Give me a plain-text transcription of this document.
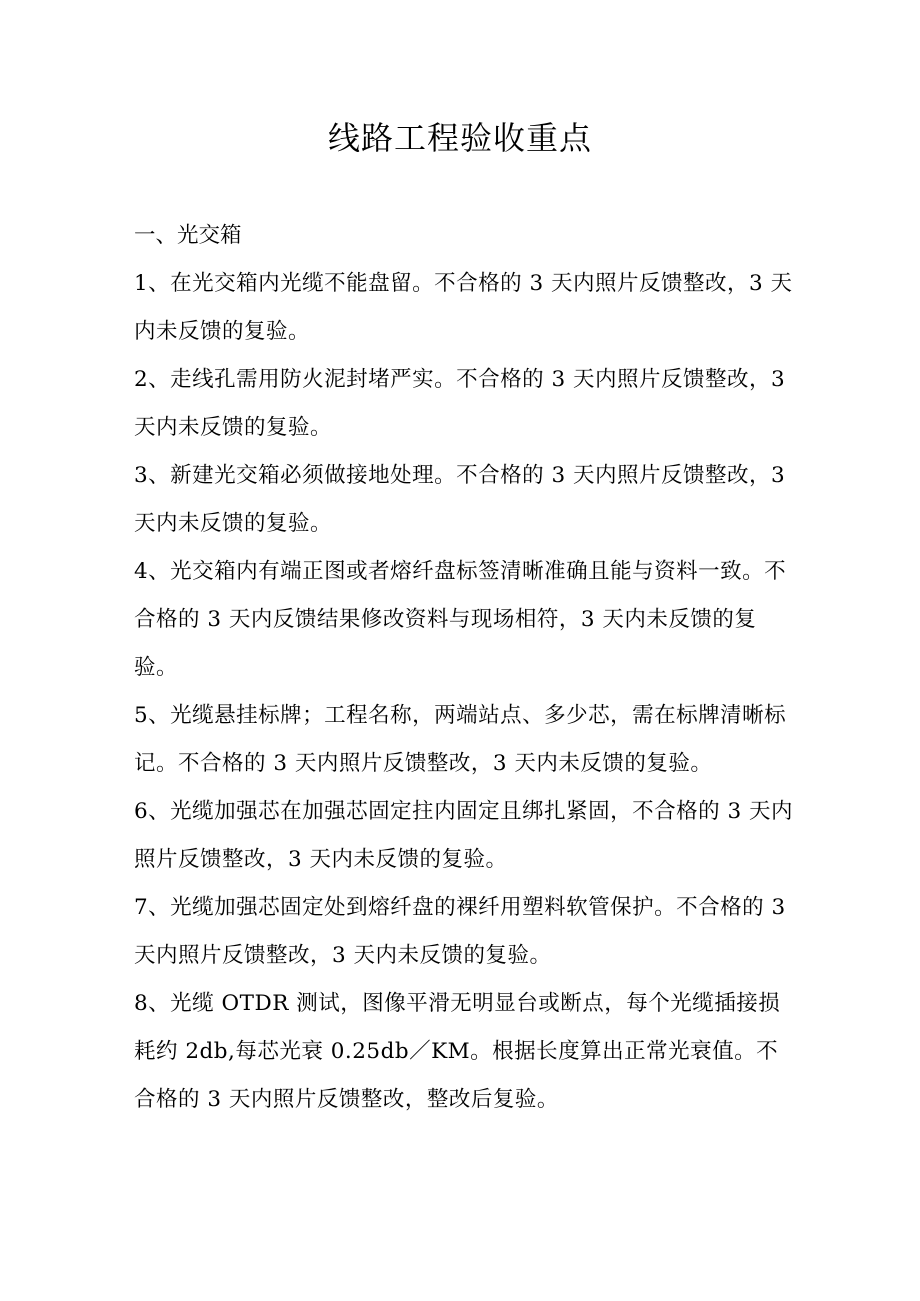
线路工程验收重点

一、光交箱

1、在光交箱内光缆不能盘留。不合格的 3 天内照片反馈整改，3 天内未反馈的复验。

2、走线孔需用防火泥封堵严实。不合格的 3 天内照片反馈整改，3 天内未反馈的复验。

3、新建光交箱必须做接地处理。不合格的 3 天内照片反馈整改，3 天内未反馈的复验。

4、光交箱内有端正图或者熔纤盘标签清晰准确且能与资料一致。不合格的 3 天内反馈结果修改资料与现场相符，3 天内未反馈的复验。

5、光缆悬挂标牌；工程名称，两端站点、多少芯，需在标牌清晰标记。不合格的 3 天内照片反馈整改，3 天内未反馈的复验。

6、光缆加强芯在加强芯固定拄内固定且绑扎紧固，不合格的 3 天内照片反馈整改，3 天内未反馈的复验。

7、光缆加强芯固定处到熔纤盘的裸纤用塑料软管保护。不合格的 3 天内照片反馈整改，3 天内未反馈的复验。

8、光缆 OTDR 测试，图像平滑无明显台或断点，每个光缆插接损耗约 2db,每芯光衰 0.25db／KM。根据长度算出正常光衰值。不合格的 3 天内照片反馈整改，整改后复验。
